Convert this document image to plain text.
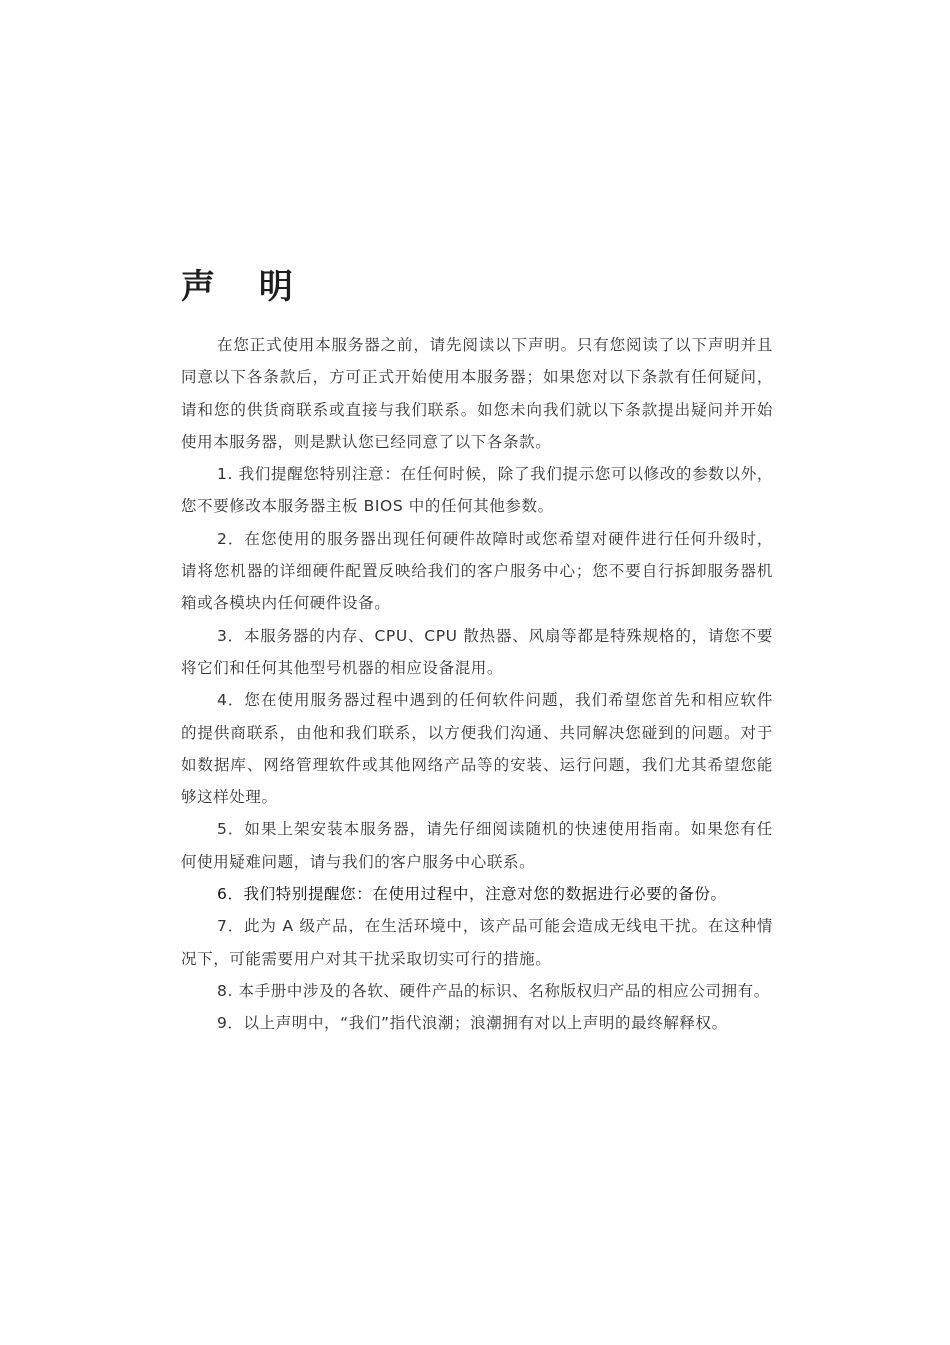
声 明

在您正式使用本服务器之前，请先阅读以下声明。只有您阅读了以下声明并且同意以下各条款后，方可正式开始使用本服务器；如果您对以下条款有任何疑问，请和您的供货商联系或直接与我们联系。如您未向我们就以下条款提出疑问并开始使用本服务器，则是默认您已经同意了以下各条款。

1. 我们提醒您特别注意：在任何时候，除了我们提示您可以修改的参数以外，您不要修改本服务器主板 BIOS 中的任何其他参数。

2．在您使用的服务器出现任何硬件故障时或您希望对硬件进行任何升级时，请将您机器的详细硬件配置反映给我们的客户服务中心；您不要自行拆卸服务器机箱或各模块内任何硬件设备。

3．本服务器的内存、CPU、CPU 散热器、风扇等都是特殊规格的，请您不要将它们和任何其他型号机器的相应设备混用。

4．您在使用服务器过程中遇到的任何软件问题，我们希望您首先和相应软件的提供商联系，由他和我们联系，以方便我们沟通、共同解决您碰到的问题。对于如数据库、网络管理软件或其他网络产品等的安装、运行问题，我们尤其希望您能够这样处理。

5．如果上架安装本服务器，请先仔细阅读随机的快速使用指南。如果您有任何使用疑难问题，请与我们的客户服务中心联系。

6．我们特别提醒您：在使用过程中，注意对您的数据进行必要的备份。

7．此为 A 级产品，在生活环境中，该产品可能会造成无线电干扰。在这种情况下，可能需要用户对其干扰采取切实可行的措施。

8. 本手册中涉及的各软、硬件产品的标识、名称版权归产品的相应公司拥有。

9．以上声明中，“我们”指代浪潮；浪潮拥有对以上声明的最终解释权。
